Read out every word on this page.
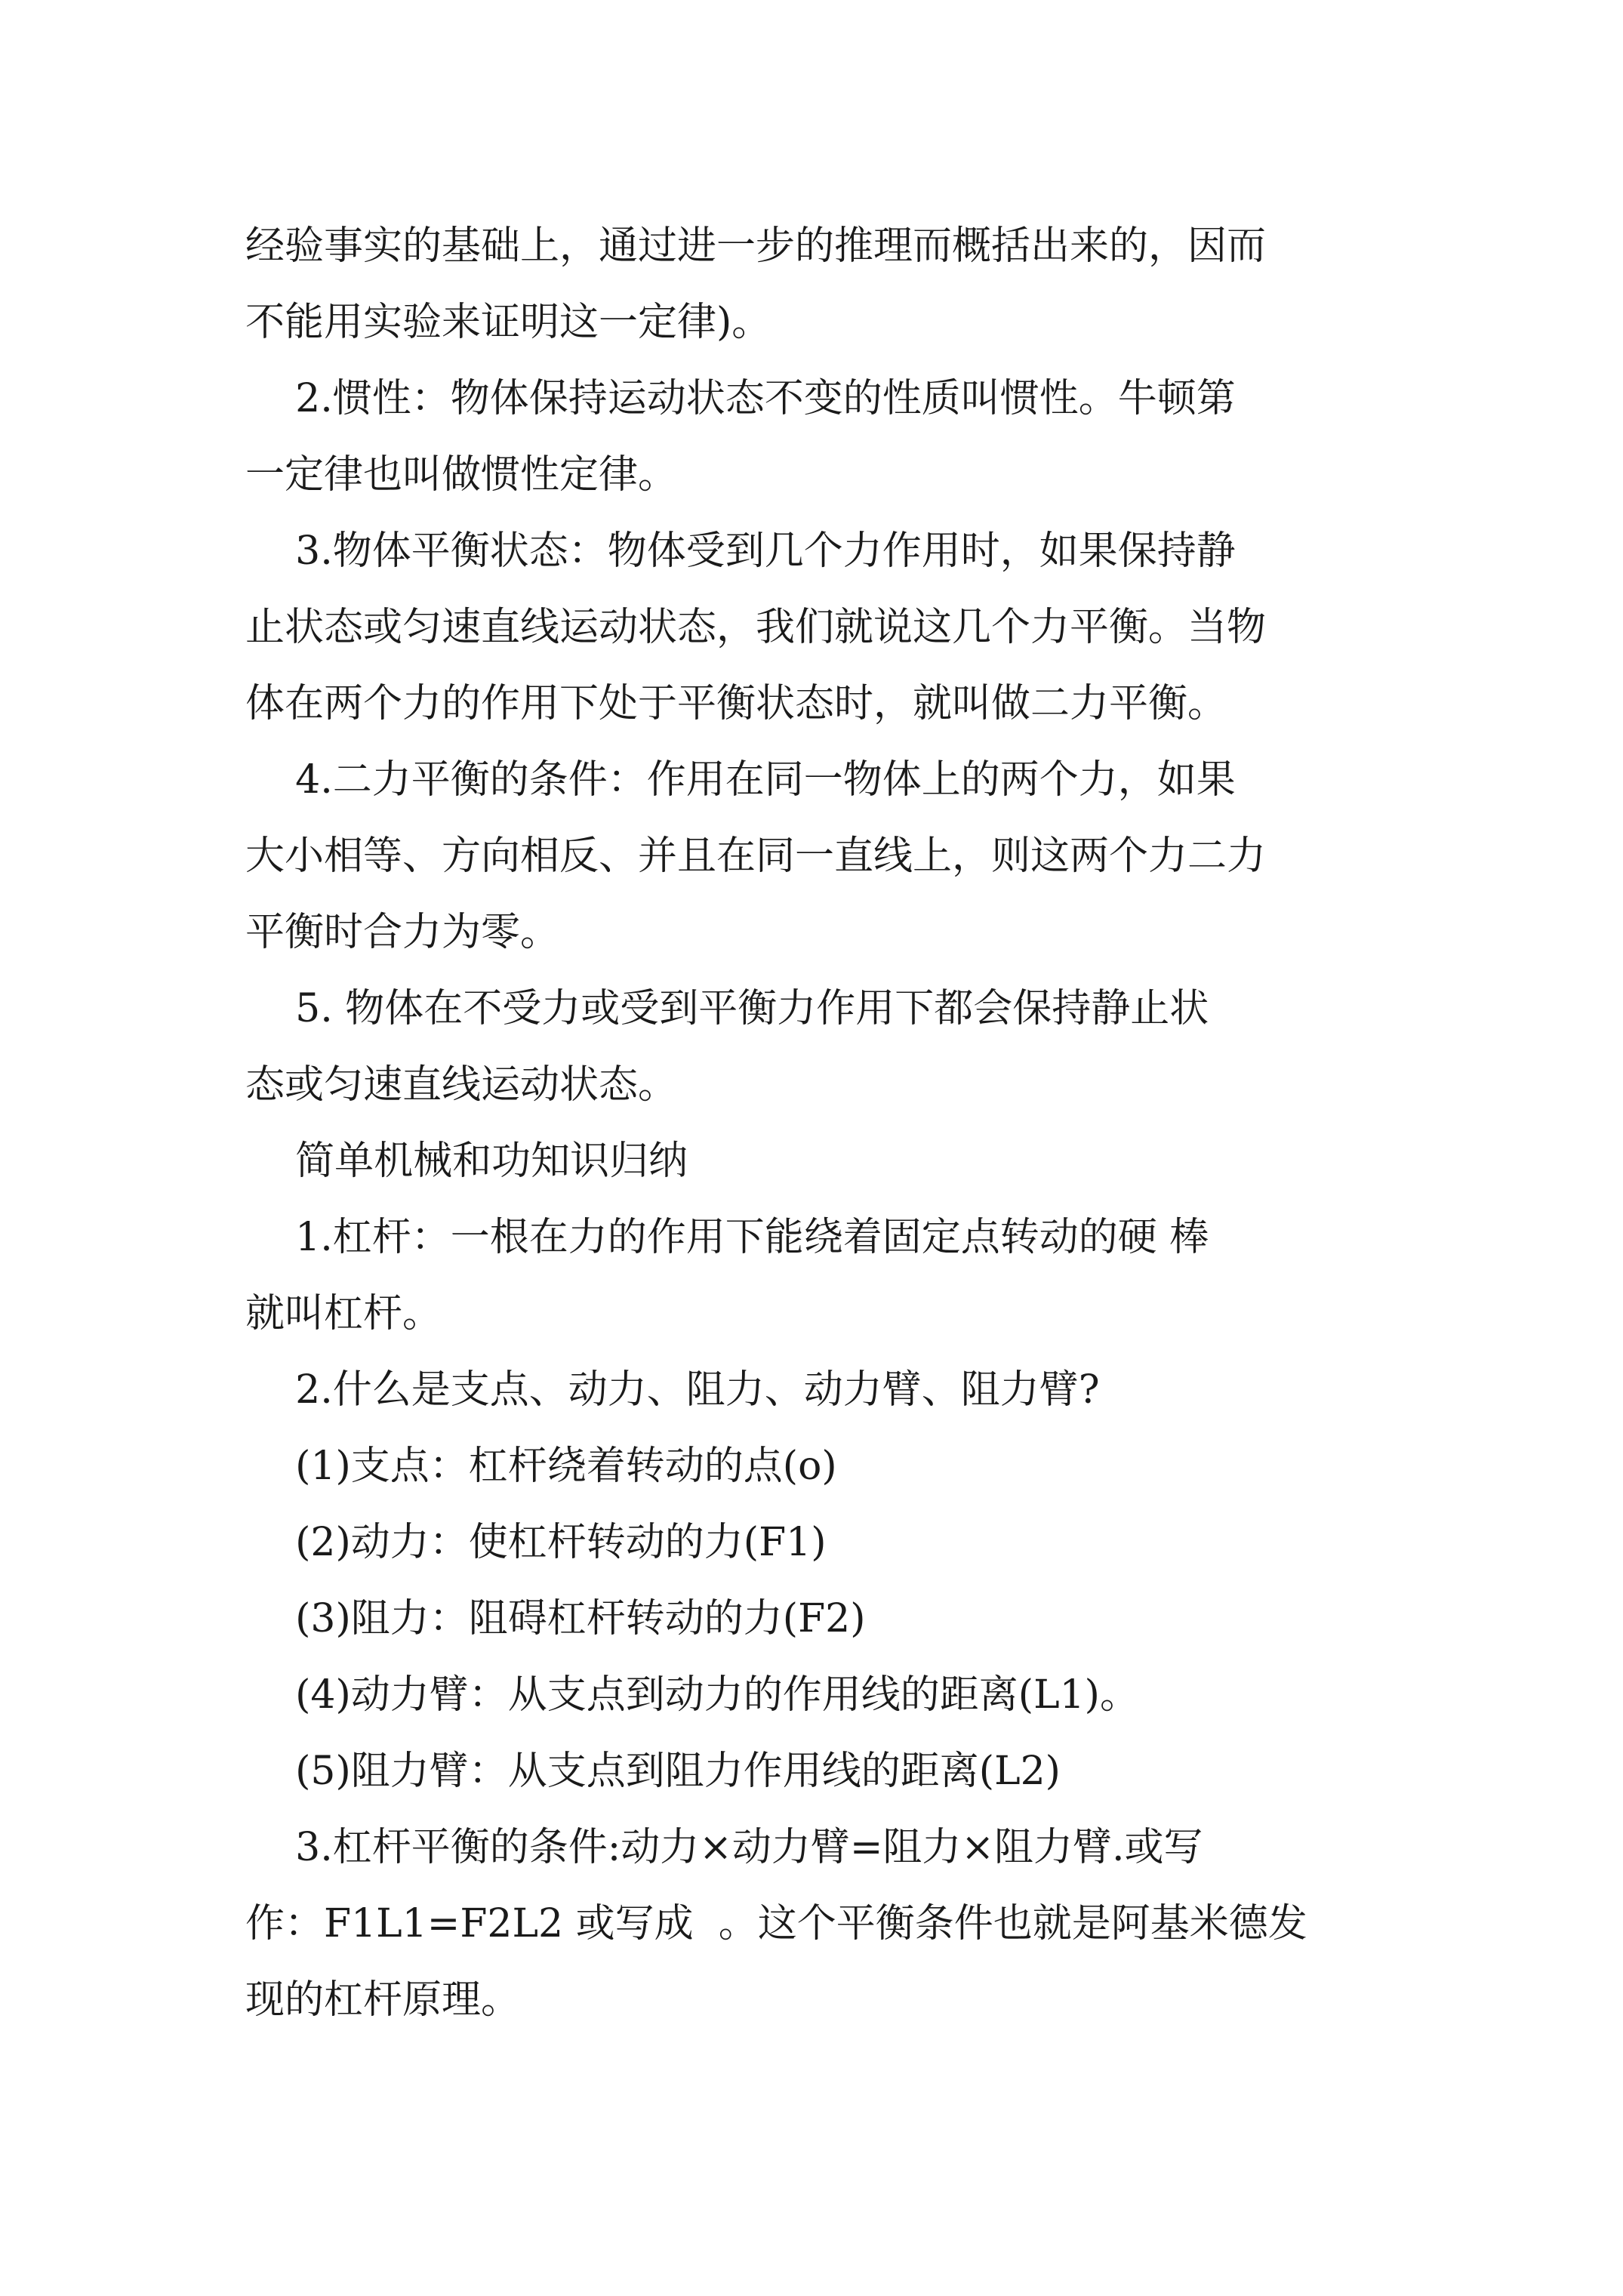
经验事实的基础上，通过进一步的推理而概括出来的，因而
不能用实验来证明这一定律)。
2.惯性：物体保持运动状态不变的性质叫惯性。牛顿第
一定律也叫做惯性定律。
3.物体平衡状态：物体受到几个力作用时，如果保持静
止状态或匀速直线运动状态，我们就说这几个力平衡。当物
体在两个力的作用下处于平衡状态时，就叫做二力平衡。
4.二力平衡的条件：作用在同一物体上的两个力，如果
大小相等、方向相反、并且在同一直线上，则这两个力二力
平衡时合力为零。
5. 物体在不受力或受到平衡力作用下都会保持静止状
态或匀速直线运动状态。
简单机械和功知识归纳
1.杠杆：一根在力的作用下能绕着固定点转动的硬 棒
就叫杠杆。
2.什么是支点、动力、阻力、动力臂、阻力臂?
(1)支点：杠杆绕着转动的点(o)
(2)动力：使杠杆转动的力(F1)
(3)阻力：阻碍杠杆转动的力(F2)
(4)动力臂：从支点到动力的作用线的距离(L1)。
(5)阻力臂：从支点到阻力作用线的距离(L2)
3.杠杆平衡的条件:动力×动力臂=阻力×阻力臂.或写
作：F1L1=F2L2 或写成  。这个平衡条件也就是阿基米德发
现的杠杆原理。
